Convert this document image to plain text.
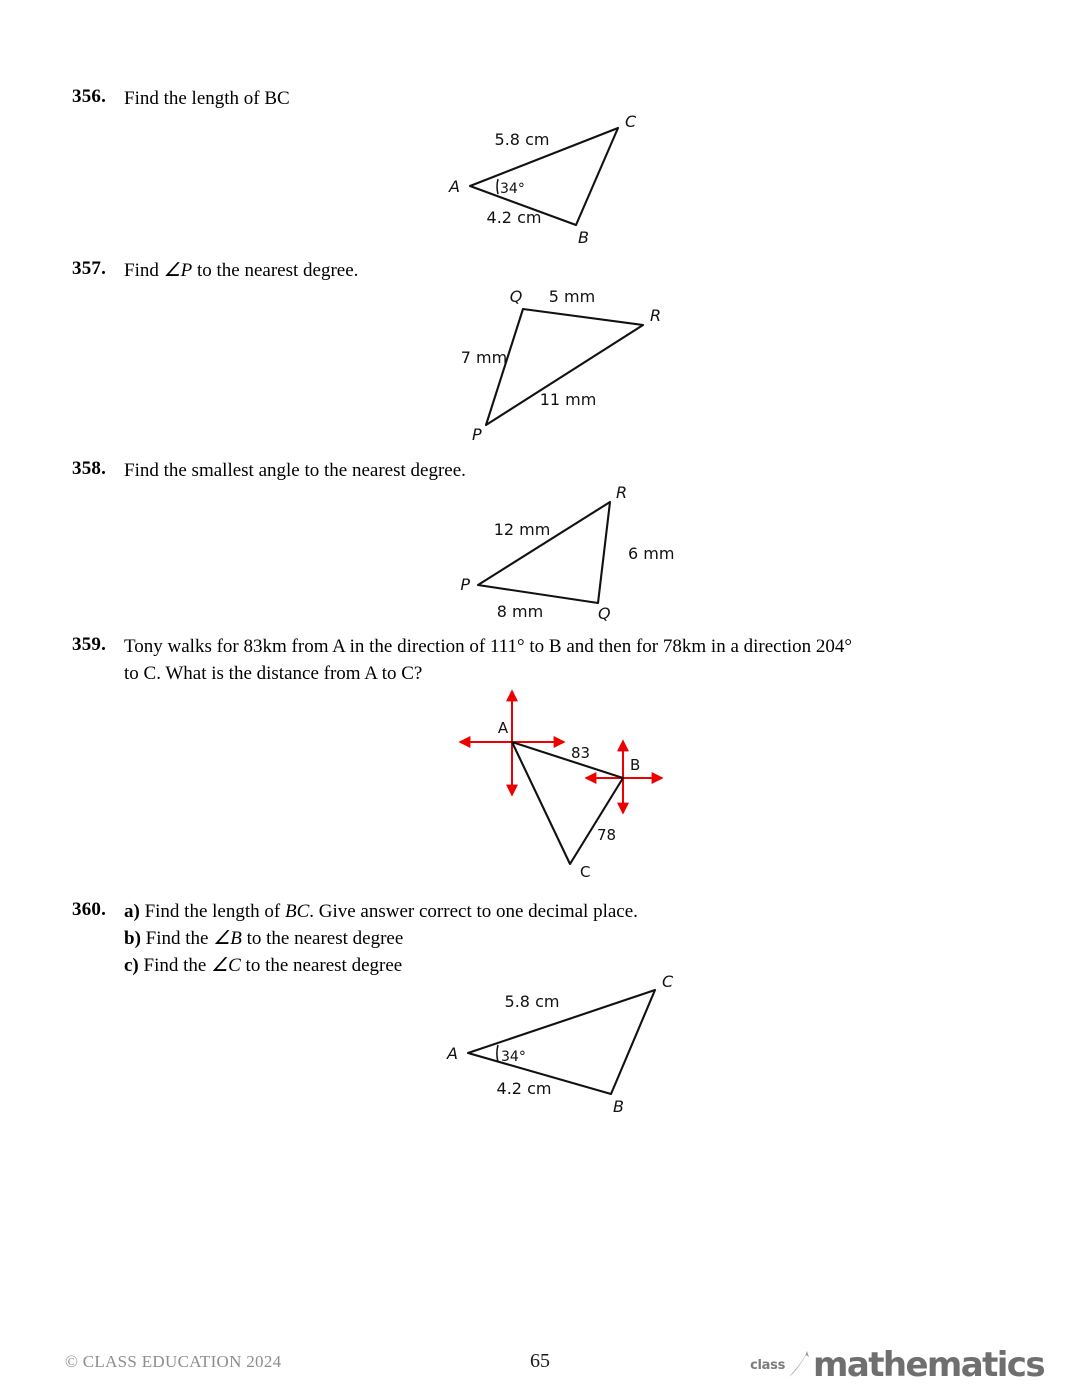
356. Find the length of BC
A
C
B
5.8 cm
4.2 cm
34°
357. Find ∠P to the nearest degree.
Q
R
P
5 mm
7 mm
11 mm
358. Find the smallest angle to the nearest degree.
R
Q
P
12 mm
6 mm
8 mm
359. Tony walks for 83km from A in the direction of 111° to B and then for 78km in a direction 204°
to C. What is the distance from A to C?
A
B
C
83
78
360. a) Find the length of BC. Give answer correct to one decimal place.
b) Find the ∠B to the nearest degree
c) Find the ∠C to the nearest degree
A
C
B
5.8 cm
4.2 cm
34°
© CLASS EDUCATION 2024	65	class mathematics
